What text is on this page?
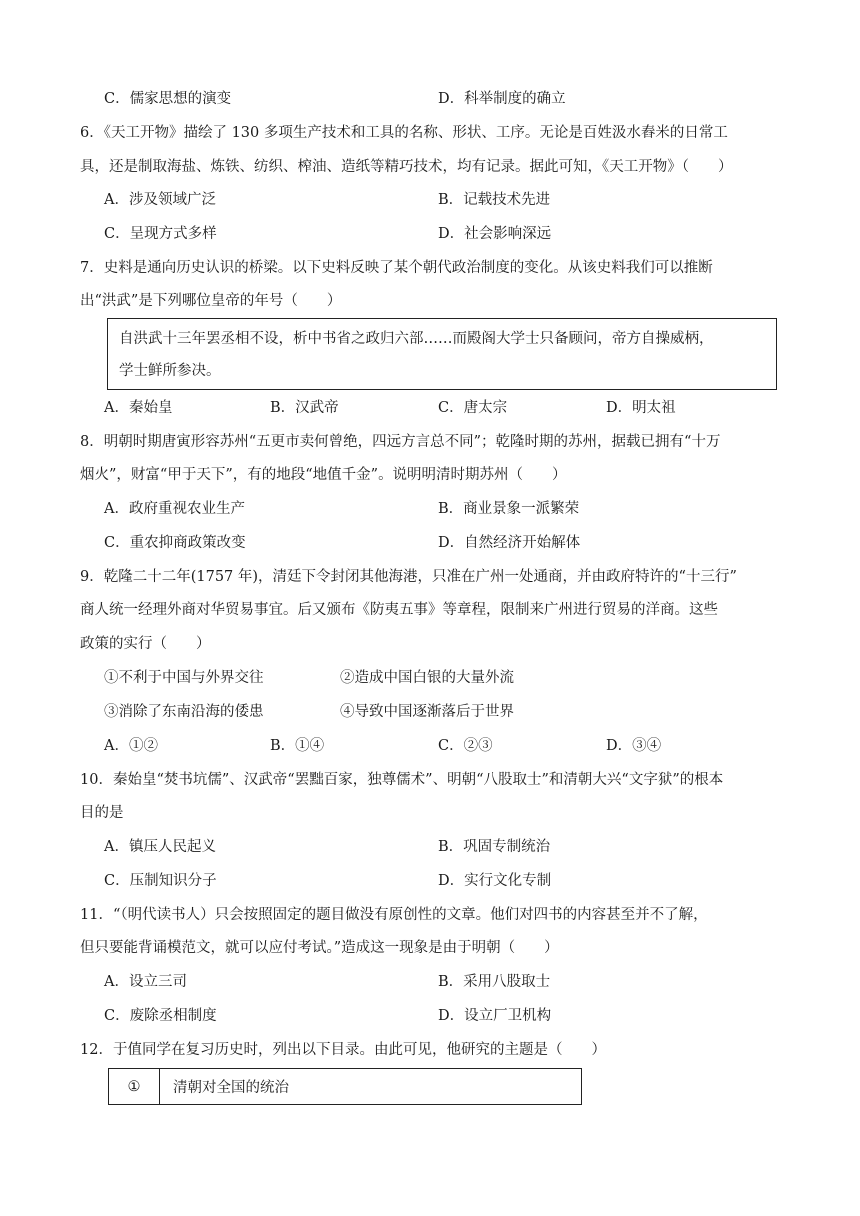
C．儒家思想的演变	D．科举制度的确立
6．《天工开物》描绘了 130 多项生产技术和工具的名称、形状、工序。无论是百姓汲水舂米的日常工
具，还是制取海盐、炼铁、纺织、榨油、造纸等精巧技术，均有记录。据此可知，《天工开物》（　　）
A．涉及领域广泛	B．记载技术先进
C．呈现方式多样	D．社会影响深远
7．史料是通向历史认识的桥梁。以下史料反映了某个朝代政治制度的变化。从该史料我们可以推断
出“洪武”是下列哪位皇帝的年号（　　）
自洪武十三年罢丞相不设，析中书省之政归六部……而殿阁大学士只备顾问，帝方自操威柄，
学士鲜所参决。
A．秦始皇	B．汉武帝	C．唐太宗	D．明太祖
8．明朝时期唐寅形容苏州“五更市卖何曾绝，四远方言总不同”；乾隆时期的苏州，据载已拥有“十万
烟火”，财富“甲于天下”，有的地段“地值千金”。说明明清时期苏州（　　）
A．政府重视农业生产	B．商业景象一派繁荣
C．重农抑商政策改变	D．自然经济开始解体
9．乾隆二十二年(1757 年)，清廷下令封闭其他海港，只准在广州一处通商，并由政府特许的“十三行”
商人统一经理外商对华贸易事宜。后又颁布《防夷五事》等章程，限制来广州进行贸易的洋商。这些
政策的实行（　　）
①不利于中国与外界交往	②造成中国白银的大量外流
③消除了东南沿海的倭患	④导致中国逐渐落后于世界
A．①②	B．①④	C．②③	D．③④
10．秦始皇“焚书坑儒”、汉武帝“罢黜百家，独尊儒术”、明朝“八股取士”和清朝大兴“文字狱”的根本
目的是
A．镇压人民起义	B．巩固专制统治
C．压制知识分子	D．实行文化专制
11．“（明代读书人）只会按照固定的题目做没有原创性的文章。他们对四书的内容甚至并不了解，
但只要能背诵模范文，就可以应付考试。”造成这一现象是由于明朝（　　）
A．设立三司	B．采用八股取士
C．废除丞相制度	D．设立厂卫机构
12．于值同学在复习历史时，列出以下目录。由此可见，他研究的主题是（　　）
①	清朝对全国的统治
